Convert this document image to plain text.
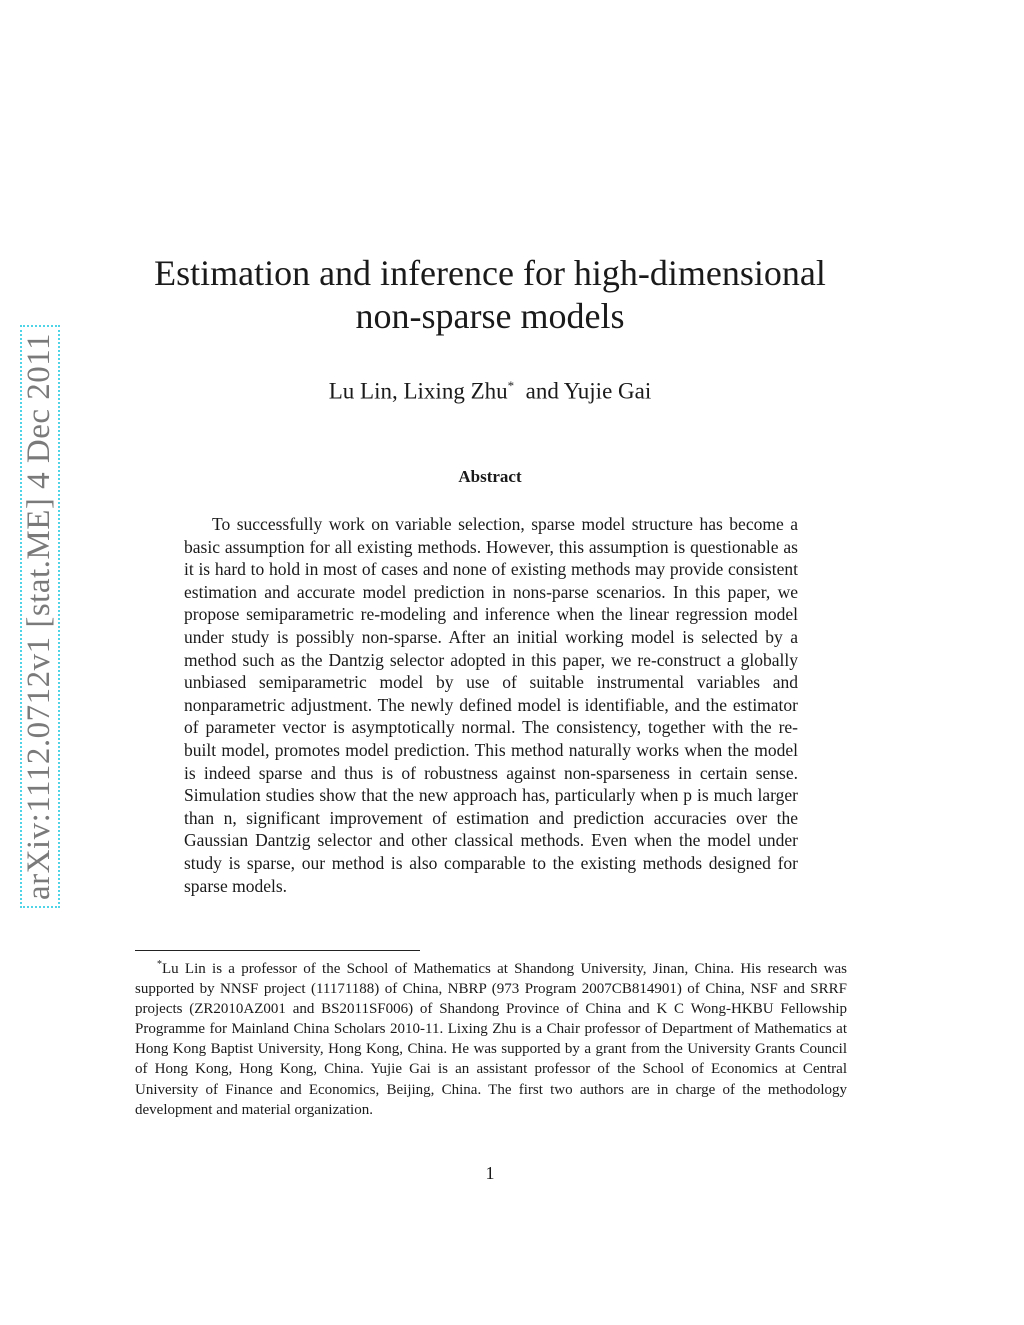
arXiv:1112.0712v1 [stat.ME] 4 Dec 2011
Estimation and inference for high-dimensional
non-sparse models
Lu Lin, Lixing Zhu* and Yujie Gai
Abstract

To successfully work on variable selection, sparse model structure has become a basic assumption for all existing methods. However, this assumption is questionable as it is hard to hold in most of cases and none of existing methods may provide consistent estimation and accurate model prediction in nons-parse scenarios. In this paper, we propose semiparametric re-modeling and inference when the linear regression model under study is possibly non-sparse. After an initial working model is selected by a method such as the Dantzig selector adopted in this paper, we re-construct a globally unbiased semiparametric model by use of suitable instrumental variables and nonparametric adjustment. The newly defined model is identifiable, and the estimator of parameter vector is asymptotically normal. The consistency, together with the re-built model, promotes model prediction. This method naturally works when the model is indeed sparse and thus is of robustness against non-sparseness in certain sense. Simulation studies show that the new approach has, particularly when p is much larger than n, significant improvement of estimation and prediction accuracies over the Gaussian Dantzig selector and other classical methods. Even when the model under study is sparse, our method is also comparable to the existing methods designed for sparse models.

*Lu Lin is a professor of the School of Mathematics at Shandong University, Jinan, China. His research was supported by NNSF project (11171188) of China, NBRP (973 Program 2007CB814901) of China, NSF and SRRF projects (ZR2010AZ001 and BS2011SF006) of Shandong Province of China and K C Wong-HKBU Fellowship Programme for Mainland China Scholars 2010-11. Lixing Zhu is a Chair professor of Department of Mathematics at Hong Kong Baptist University, Hong Kong, China. He was supported by a grant from the University Grants Council of Hong Kong, Hong Kong, China. Yujie Gai is an assistant professor of the School of Economics at Central University of Finance and Economics, Beijing, China. The first two authors are in charge of the methodology development and material organization.

1
